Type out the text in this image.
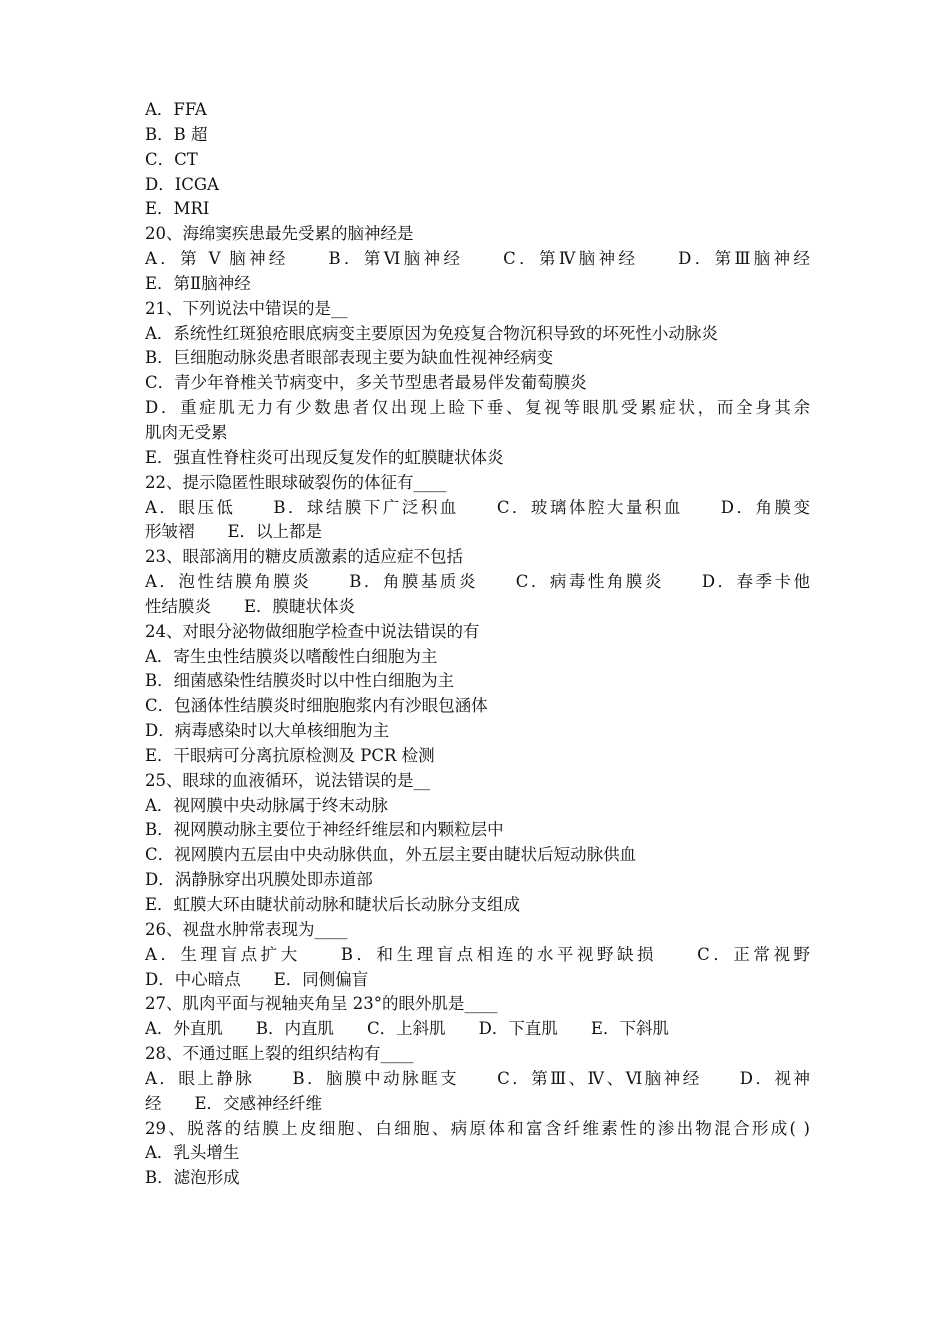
A．FFA
B．B 超
C．CT
D．ICGA
E．MRI
20、海绵窦疾患最先受累的脑神经是
A．第 V 脑神经　　B．第Ⅵ脑神经　　C．第Ⅳ脑神经　　D．第Ⅲ脑神经
E．第Ⅱ脑神经
21、下列说法中错误的是__
A．系统性红斑狼疮眼底病变主要原因为免疫复合物沉积导致的坏死性小动脉炎
B．巨细胞动脉炎患者眼部表现主要为缺血性视神经病变
C．青少年脊椎关节病变中，多关节型患者最易伴发葡萄膜炎
D．重症肌无力有少数患者仅出现上睑下垂、复视等眼肌受累症状，而全身其余
肌肉无受累
E．强直性脊柱炎可出现反复发作的虹膜睫状体炎
22、提示隐匿性眼球破裂伤的体征有____
A．眼压低　　B．球结膜下广泛积血　　C．玻璃体腔大量积血　　D．角膜变
形皱褶　　E．以上都是
23、眼部滴用的糖皮质激素的适应症不包括
A．泡性结膜角膜炎　　B．角膜基质炎　　C．病毒性角膜炎　　D．春季卡他
性结膜炎　　E．膜睫状体炎
24、对眼分泌物做细胞学检查中说法错误的有
A．寄生虫性结膜炎以嗜酸性白细胞为主
B．细菌感染性结膜炎时以中性白细胞为主
C．包涵体性结膜炎时细胞胞浆内有沙眼包涵体
D．病毒感染时以大单核细胞为主
E．干眼病可分离抗原检测及 PCR 检测
25、眼球的血液循环，说法错误的是__
A．视网膜中央动脉属于终末动脉
B．视网膜动脉主要位于神经纤维层和内颗粒层中
C．视网膜内五层由中央动脉供血，外五层主要由睫状后短动脉供血
D．涡静脉穿出巩膜处即赤道部
E．虹膜大环由睫状前动脉和睫状后长动脉分支组成
26、视盘水肿常表现为____
A．生理盲点扩大　　B．和生理盲点相连的水平视野缺损　　C．正常视野
D．中心暗点　　E．同侧偏盲
27、肌肉平面与视轴夹角呈 23°的眼外肌是____
A．外直肌　　B．内直肌　　C．上斜肌　　D．下直肌　　E．下斜肌
28、不通过眶上裂的组织结构有____
A．眼上静脉　　B．脑膜中动脉眶支　　C．第Ⅲ、Ⅳ、Ⅵ脑神经　　D．视神
经　　E．交感神经纤维
29、脱落的结膜上皮细胞、白细胞、病原体和富含纤维素性的渗出物混合形成( )
A．乳头增生
B．滤泡形成
